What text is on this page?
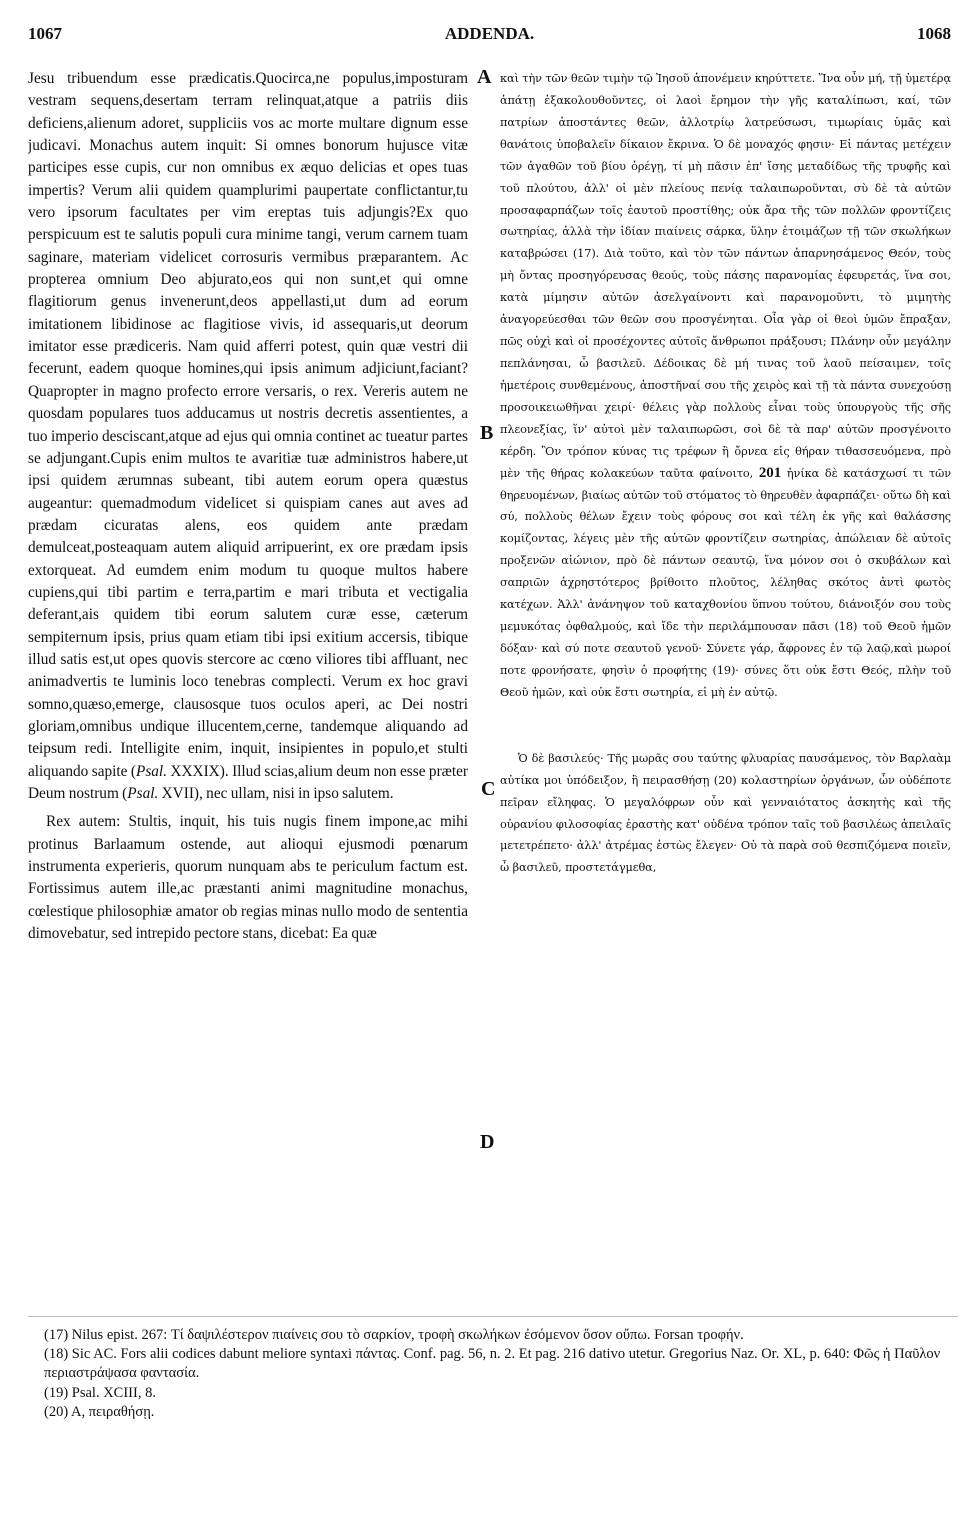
1067	ADDENDA.	1068

Jesu tribuendum esse prædicatis.Quocirca,ne populus,imposturam vestram sequens,desertam terram relinquat,atque a patriis diis deficiens,alienum adoret, suppliciis vos ac morte multare dignum esse judicavi. Monachus autem inquit: Si omnes bonorum hujusce vitæ participes esse cupis, cur non omnibus ex æquo delicias et opes tuas impertis? Verum alii quidem quamplurimi paupertate conflictantur,tu vero ipsorum facultates per vim ereptas tuis adjungis?Ex quo perspicuum est te salutis populi cura minime tangi, verum carnem tuam saginare, materiam videlicet corrosuris vermibus præparantem. Ac propterea omnium Deo abjurato,eos qui non sunt,et qui omne flagitiorum genus invenerunt,deos appellasti,ut dum ad eorum imitationem libidinose ac flagitiose vivis, id assequaris,ut deorum imitator esse prædiceris. Nam quid afferri potest, quin quæ vestri dii fecerunt, eadem quoque homines,qui ipsis animum adjiciunt,faciant? Quapropter in magno profecto errore versaris, o rex. Vereris autem ne quosdam populares tuos adducamus ut nostris decretis assentientes, a tuo imperio desciscant,atque ad ejus qui omnia continet ac tueatur partes se adjungant.Cupis enim multos te avaritiæ tuæ administros habere,ut ipsi quidem ærumnas subeant, tibi autem eorum opera quæstus augeantur: quemadmodum videlicet si quispiam canes aut aves ad prædam cicuratas alens, eos quidem ante prædam demulceat,posteaquam autem aliquid arripuerint, ex ore prædam ipsis extorqueat. Ad eumdem enim modum tu quoque multos habere cupiens,qui tibi partim e terra,partim e mari tributa et vectigalia deferant,ais quidem tibi eorum salutem curæ esse, cæterum sempiternum ipsis, prius quam etiam tibi ipsi exitium accersis, tibique illud satis est,ut opes quovis stercore ac cœno viliores tibi affluant, nec animadvertis te luminis loco tenebras complecti. Verum ex hoc gravi somno,quæso,emerge, clausosque tuos oculos aperi, ac Dei nostri gloriam,omnibus undique illucentem,cerne, tandemque aliquando ad teipsum redi. Intelligite enim, inquit, insipientes in populo,et stulti aliquando sapite (Psal. XXXIX). Illud scias,alium deum non esse præter Deum nostrum (Psal. XVII), nec ullam, nisi in ipso salutem.

Rex autem: Stultis, inquit, his tuis nugis finem impone,ac mihi protinus Barlaamum ostende, aut alioqui ejusmodi pœnarum instrumenta experieris, quorum nunquam abs te periculum factum est. Fortissimus autem ille,ac præstanti animi magnitudine monachus, cœlestique philosophiæ amator ob regias minas nullo modo de sententia dimovebatur, sed intrepido pectore stans, dicebat: Ea quæ

A
B
C
D

καὶ τὴν τῶν θεῶν τιμὴν τῷ Ἰησοῦ ἀπονέμειν κηρύττετε. Ἵνα οὖν μή, τῇ ὑμετέρᾳ ἀπάτῃ ἐξακολουθοῦντες, οἱ λαοὶ ἔρημον τὴν γῆς καταλίπωσι, καί, τῶν πατρίων ἀποστάντες θεῶν, ἀλλοτρίῳ λατρεύσωσι, τιμωρίαις ὑμᾶς καὶ θανάτοις ὑποβαλεῖν δίκαιον ἔκρινα. Ὁ δὲ μοναχός φησιν· Εἰ πάντας μετέχειν τῶν ἀγαθῶν τοῦ βίου ὀρέγῃ, τί μὴ πᾶσιν ἐπ' ἴσης μεταδίδως τῆς τρυφῆς καὶ τοῦ πλούτου, ἀλλ' οἱ μὲν πλείους πενίᾳ ταλαιπωροῦνται, σὺ δὲ τὰ αὐτῶν προσαφαρπάζων τοῖς ἑαυτοῦ προστίθης; οὐκ ἄρα τῆς τῶν πολλῶν φροντίζεις σωτηρίας, ἀλλὰ τὴν ἰδίαν πιαίνεις σάρκα, ὕλην ἑτοιμάζων τῇ τῶν σκωλήκων καταβρώσει (17). Διὰ τοῦτο, καὶ τὸν τῶν πάντων ἀπαρνησάμενος Θεόν, τοὺς μὴ ὄντας προσηγόρευσας θεούς, τοὺς πάσης παρανομίας ἐφευρετάς, ἵνα σοι, κατὰ μίμησιν αὐτῶν ἀσελγαίνοντι καὶ παρανομοῦντι, τὸ μιμητὴς ἀναγορεύεσθαι τῶν θεῶν σου προσγένηται. Οἷα γὰρ οἱ θεοὶ ὑμῶν ἔπραξαν, πῶς οὐχὶ καὶ οἱ προσέχοντες αὐτοῖς ἄνθρωποι πράξουσι; Πλάνην οὖν μεγάλην πεπλάνησαι, ὦ βασιλεῦ. Δέδοικας δὲ μή τινας τοῦ λαοῦ πείσαιμεν, τοῖς ἡμετέροις συνθεμένους, ἀποστῆναί σου τῆς χειρὸς καὶ τῇ τὰ πάντα συνεχούσῃ προσοικειωθῆναι χειρί· θέλεις γὰρ πολλοὺς εἶναι τοὺς ὑπουργοὺς τῆς σῆς πλεονεξίας, ἵν' αὐτοὶ μὲν ταλαιπωρῶσι, σοὶ δὲ τὰ παρ' αὐτῶν προσγένοιτο κέρδη. Ὃν τρόπον κύνας τις τρέφων ἢ ὄρνεα εἰς θήραν τιθασσευόμενα, πρὸ μὲν τῆς θήρας κολακεύων ταῦτα φαίνοιτο, 201 ἡνίκα δὲ κατάσχωσί τι τῶν θηρευομένων, βιαίως αὐτῶν τοῦ στόματος τὸ θηρευθὲν ἀφαρπάζει· οὕτω δὴ καὶ σύ, πολλοὺς θέλων ἔχειν τοὺς φόρους σοι καὶ τέλη ἐκ γῆς καὶ θαλάσσης κομίζοντας, λέγεις μὲν τῆς αὐτῶν φροντίζειν σωτηρίας, ἀπώλειαν δὲ αὐτοῖς προξενῶν αἰώνιον, πρὸ δὲ πάντων σεαυτῷ, ἵνα μόνον σοι ὁ σκυβάλων καὶ σαπριῶν ἀχρηστότερος βρίθοιτο πλοῦτος, λέληθας σκότος ἀντὶ φωτὸς κατέχων. Ἀλλ' ἀνάνηψον τοῦ καταχθονίου ὕπνου τούτου, διάνοιξόν σου τοὺς μεμυκότας ὀφθαλμούς, καὶ ἴδε τὴν περιλάμπουσαν πᾶσι (18) τοῦ Θεοῦ ἡμῶν δόξαν· καὶ σύ ποτε σεαυτοῦ γενοῦ· Σύνετε γάρ, ἄφρονες ἐν τῷ λαῷ,καὶ μωροί ποτε φρονήσατε, φησὶν ὁ προφήτης (19)· σύνες ὅτι οὐκ ἔστι Θεός, πλὴν τοῦ Θεοῦ ἡμῶν, καὶ οὐκ ἔστι σωτηρία, εἰ μὴ ἐν αὐτῷ.

Ὁ δὲ βασιλεύς· Τῆς μωρᾶς σου ταύτης φλυαρίας παυσάμενος, τὸν Βαρλαὰμ αὐτίκα μοι ὑπόδειξον, ἢ πειρασθήσῃ (20) κολαστηρίων ὀργάνων, ὧν οὐδέποτε πεῖραν εἴληφας. Ὁ μεγαλόφρων οὖν καὶ γενναιότατος ἀσκητὴς καὶ τῆς οὐρανίου φιλοσοφίας ἐραστὴς κατ' οὐδένα τρόπον ταῖς τοῦ βασιλέως ἀπειλαῖς μετετρέπετο· ἀλλ' ἀτρέμας ἑστὼς ἔλεγεν· Οὐ τὰ παρὰ σοῦ θεσπιζόμενα ποιεῖν, ὦ βασιλεῦ, προστετάγμεθα,

(17) Nilus epist. 267: Τί δαψιλέστερον πιαίνεις σου τὸ σαρκίον, τροφὴ σκωλήκων ἐσόμενον ὅσον οὔπω. Forsan τροφήν.

(18) Sic AC. Fors alii codices dabunt meliore syntaxi πάντας. Conf. pag. 56, n. 2. Et pag. 216 dativo utetur. Gregorius Naz. Or. XL, p. 640: Φῶς ἡ Παῦλον περιαστράψασα φαντασία.

(19) Psal. XCIII, 8.

(20) A, πειραθήσῃ.
